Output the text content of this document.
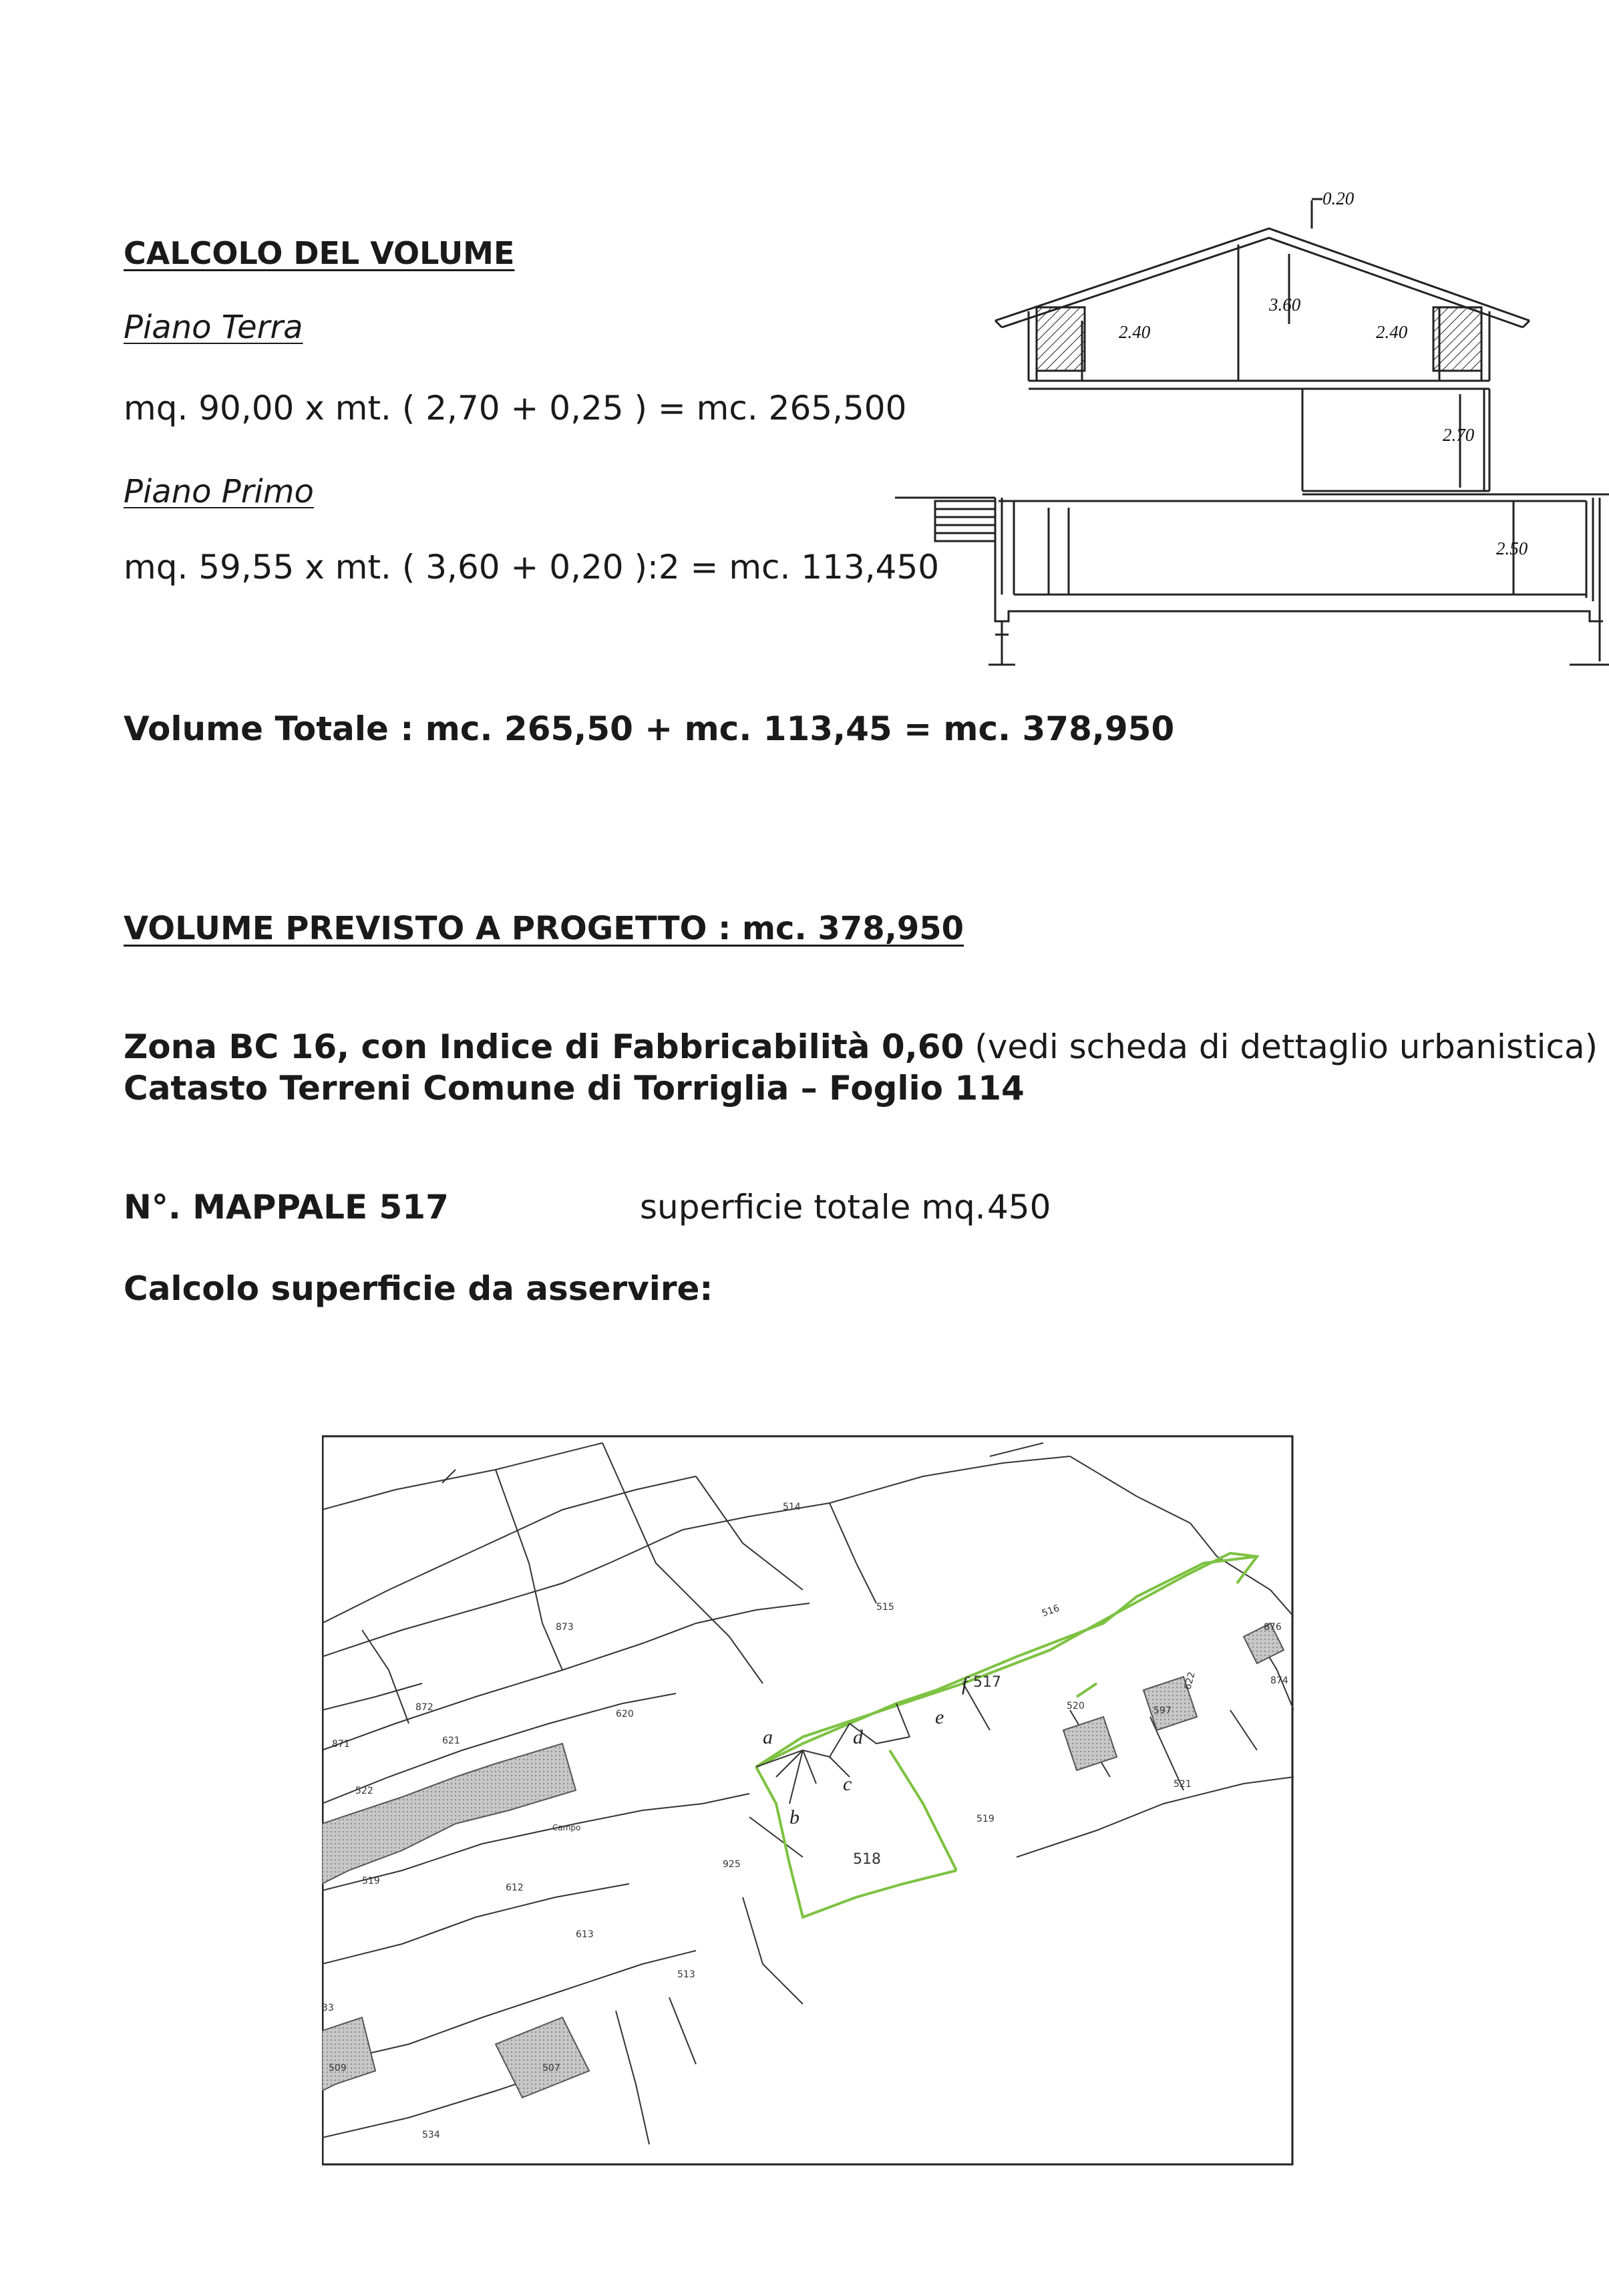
CALCOLO DEL VOLUME
Piano Terra
mq. 90,00 x mt. ( 2,70 + 0,25 ) = mc. 265,500
Piano Primo
mq. 59,55 x mt. ( 3,60 + 0,20 ):2 = mc. 113,450
Volume Totale : mc. 265,50 + mc. 113,45 = mc. 378,950
VOLUME PREVISTO A PROGETTO : mc. 378,950
Zona BC 16, con Indice di Fabbricabilità 0,60 (vedi scheda di dettaglio urbanistica)
Catasto Terreni Comune di Torriglia – Foglio 114
N°. MAPPALE 517	superficie totale mq. 450
Calcolo superficie da asservire:
0.20
3.60
2.40	2.40
2.70
2.50
514
515	516
517
518
519
520
521
522
534
507
509
513
519
612
613
620
621
622
871
872
873
874
876
925
597
Campo
33
a
b
c
d
e
f
